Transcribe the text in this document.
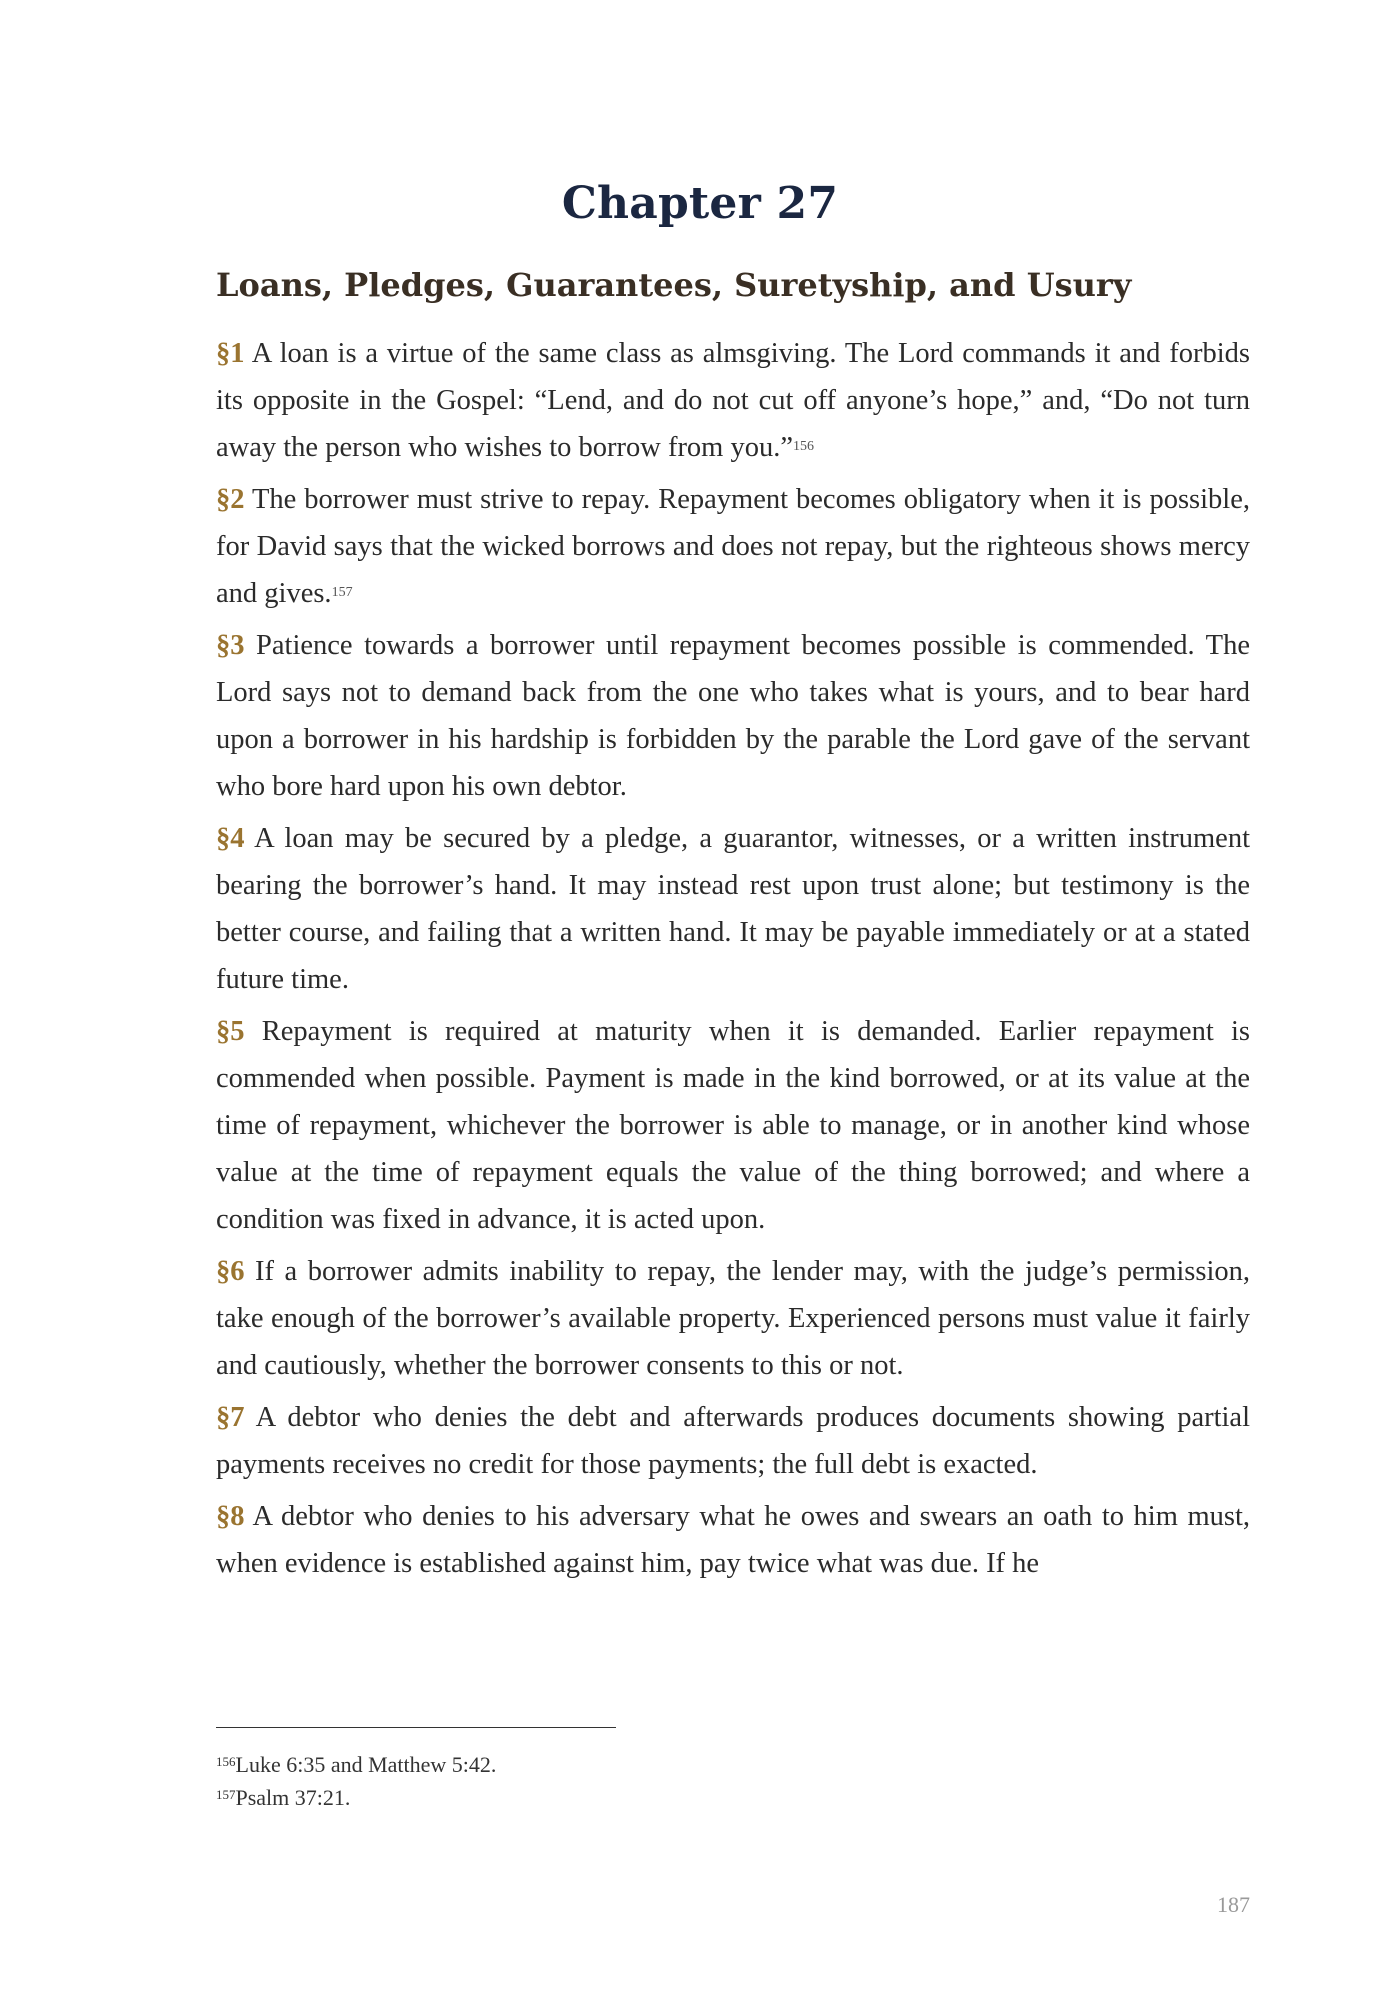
Chapter 27
Loans, Pledges, Guarantees, Suretyship, and Usury

§1 A loan is a virtue of the same class as almsgiving. The Lord commands it and forbids its opposite in the Gospel: “Lend, and do not cut off anyone’s hope,” and, “Do not turn away the person who wishes to borrow from you.”$^{156}$

§2 The borrower must strive to repay. Repayment becomes obligatory when it is possible, for David says that the wicked borrows and does not repay, but the righteous shows mercy and gives.$^{157}$

§3 Patience towards a borrower until repayment becomes possible is commended. The Lord says not to demand back from the one who takes what is yours, and to bear hard upon a borrower in his hardship is forbidden by the parable the Lord gave of the servant who bore hard upon his own debtor.

§4 A loan may be secured by a pledge, a guarantor, witnesses, or a written instrument bearing the borrower’s hand. It may instead rest upon trust alone; but testimony is the better course, and failing that a written hand. It may be payable immediately or at a stated future time.

§5 Repayment is required at maturity when it is demanded. Earlier repayment is commended when possible. Payment is made in the kind borrowed, or at its value at the time of repayment, whichever the borrower is able to manage, or in another kind whose value at the time of repayment equals the value of the thing borrowed; and where a condition was fixed in advance, it is acted upon.

§6 If a borrower admits inability to repay, the lender may, with the judge’s permission, take enough of the borrower’s available property. Experienced persons must value it fairly and cautiously, whether the borrower consents to this or not.

§7 A debtor who denies the debt and afterwards produces documents showing partial payments receives no credit for those payments; the full debt is exacted.

§8 A debtor who denies to his adversary what he owes and swears an oath to him must, when evidence is established against him, pay twice what was due. If he

$^{156}$Luke 6:35 and Matthew 5:42.
$^{157}$Psalm 37:21.
187
